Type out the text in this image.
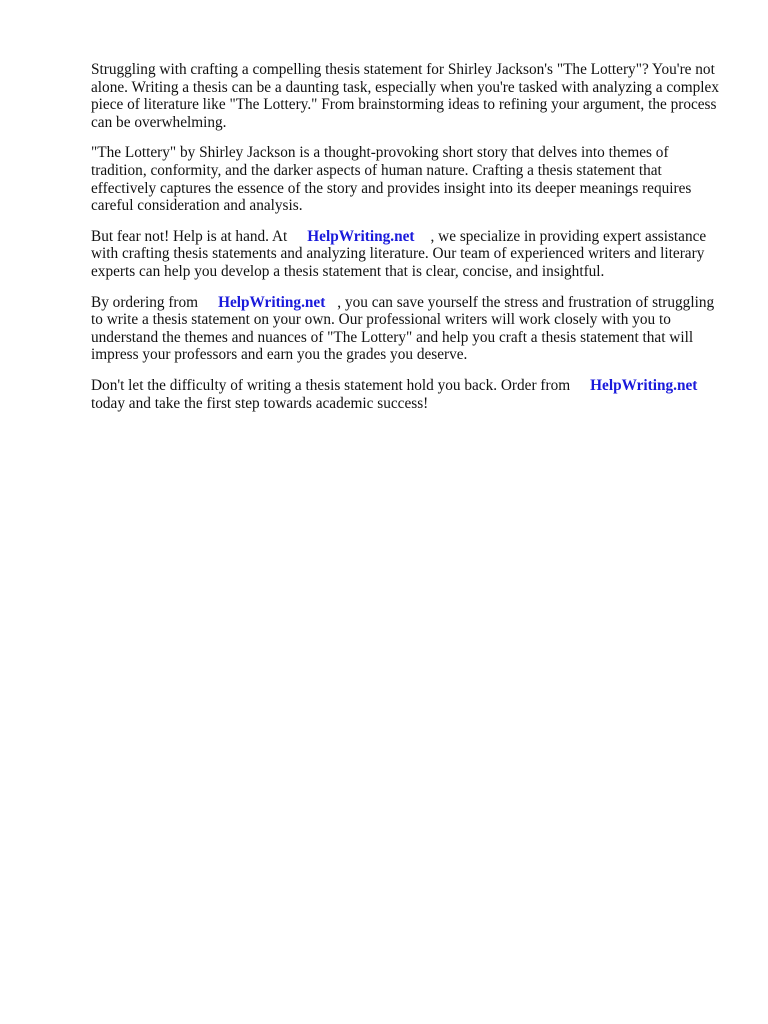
Struggling with crafting a compelling thesis statement for Shirley Jackson's "The Lottery"? You're not alone. Writing a thesis can be a daunting task, especially when you're tasked with analyzing a complex piece of literature like "The Lottery." From brainstorming ideas to refining your argument, the process can be overwhelming.

"The Lottery" by Shirley Jackson is a thought-provoking short story that delves into themes of tradition, conformity, and the darker aspects of human nature. Crafting a thesis statement that effectively captures the essence of the story and provides insight into its deeper meanings requires careful consideration and analysis.

But fear not! Help is at hand. At HelpWriting.net , we specialize in providing expert assistance with crafting thesis statements and analyzing literature. Our team of experienced writers and literary experts can help you develop a thesis statement that is clear, concise, and insightful.

By ordering from HelpWriting.net , you can save yourself the stress and frustration of struggling to write a thesis statement on your own. Our professional writers will work closely with you to understand the themes and nuances of "The Lottery" and help you craft a thesis statement that will impress your professors and earn you the grades you deserve.

Don't let the difficulty of writing a thesis statement hold you back. Order from HelpWriting.nettoday and take the first step towards academic success!
